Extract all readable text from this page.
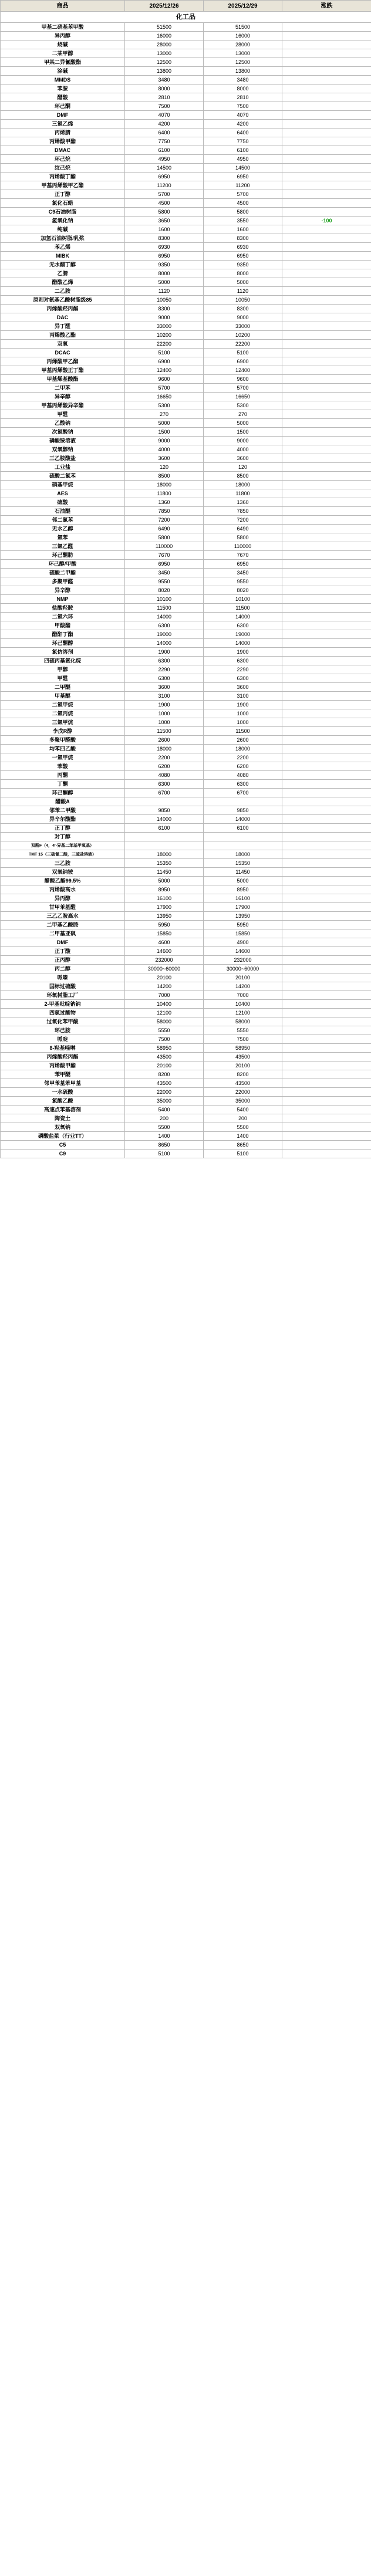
商品	2025/12/26	2025/12/29	涨跌
化工品			
甲基二硝基苯甲酸	51500	51500	
异丙醇	16000	16000	
烧碱	28000	28000	
二某甲醇	13000	13000	
甲某二异氰酸酯	12500	12500	
涂碱	13800	13800	
MMDS	3480	3480	
苯胺	8000	8000	
醋酸	2810	2810	
环己酮	7500	7500	
DMF	4070	4070	
三氯乙烯	4200	4200	
丙烯腈	6400	6400	
丙烯酸甲酯	7750	7750	
DMAC	6100	6100	
环己烷	4950	4950	
纹己烷	14500	14500	
丙烯酸丁酯	6950	6950	
甲基丙烯酸甲乙酯	11200	11200	
正丁醇	5700	5700	
氯化石蜡	4500	4500	
C9石油树脂	5800	5800	
氢氧化钠	3650	3550	-100
纯碱	1600	1600	
加氢石油树脂/乳浆	8300	8300	
苯乙烯	6930	6930	
MIBK	6950	6950	
无水醋丁醇	9350	9350	
乙腈	8000	8000	
醋酸乙烯	5000	5000	
二乙胺	1120	1120	
原则对氨基乙酸树脂级85	10050	10050	
丙烯酸羟丙酯	8300	8300	
DAC	9000	9000	
异丁醛	33000	33000	
丙烯酸乙酯	10200	10200	
双氧	22200	22200	
DCAC	5100	5100	
丙烯酸甲乙酯	6900	6900	
甲基丙烯酸正丁酯	12400	12400	
甲基烯基酸酯	9600	9600	
二甲苯	5700	5700	
异辛醇	16650	16650	
甲基丙烯酸异辛酯	5300	5300	
甲醛	270	270	
乙酸钠	5000	5000	
次氯酸钠	1500	1500	
磷酸铵溶液	9000	9000	
双氧醇钠	4000	4000	
三乙胺酸盐	3600	3600	
工业盐	120	120	
硫酸二氯苯	8500	8500	
硝基甲烷	18000	18000	
AES	11800	11800	
硫酸	1360	1360	
石油醚	7850	7850	
邻二氯苯	7200	7200	
无水乙醇	6490	6490	
氯苯	5800	5800	
三氯乙醛	110000	110000	
环己酮肪	7670	7670	
环己醇/甲酸	6950	6950	
硫酸二甲酯	3450	3450	
多聚甲醛	9550	9550	
异辛醇	8020	8020	
NMP	10100	10100	
盐酸羟胺	11500	11500	
二氯六环	14000	14000	
甲酸酯	6300	6300	
醋酐丁酯	19000	19000	
环己酮醇	14000	14000	
氯仿溶剂	1900	1900	
四硫丙基氨化烷	6300	6300	
甲醇	2290	2290	
甲醛	6300	6300	
二甲醚	3600	3600	
甲基醚	3100	3100	
二氯甲烷	1900	1900	
二氯丙烷	1000	1000	
三氯甲烷	1000	1000	
李戊R醇	11500	11500	
多聚甲醛酸	2600	2600	
均苯四乙酸	18000	18000	
一氯甲烷	2200	2200	
苯酸	6200	6200	
丙酮	4080	4080	
丁酮	6300	6300	
环己酮醇	6700	6700	
醋酸A			
邻苯二甲酸	9850	9850	
异辛尔酸酯	14000	14000	
正丁醇	6100	6100	
对丁醇			
双酚F（4，4'-异基二苯基甲氧基）			
TMT 15（三硫氰二酸，三硫盐溶液）	18000	18000	
三乙胺	15350	15350	
双氧钠铵	11450	11450	
醋酸乙酯99.5%	5000	5000	
丙烯酸高水	8950	8950	
异丙醇	16100	16100	
甘甲苯基醛	17900	17900	
三乙乙胺高水	13950	13950	
二甲基乙酸胺	5950	5950	
二甲基亚砜	15850	15850	
DMF	4600	4900	
正丁酸	14600	14600	
正丙醇	232000	232000	
丙二醇	30000~60000	30000~60000	
哌嗪	20100	20100	
国标过硫酸	14200	14200	
环氧树脂工厂	7000	7000	
2-甲基吡啶钠钠	10400	10400	
四氢过酸物	12100	12100	
过氧化苯甲酸	58000	58000	
环己胺	5550	5550	
哌啶	7500	7500	
8-羟基喹啉	58950	58950	
丙烯酸羟丙酯	43500	43500	
丙烯酸甲酯	20100	20100	
苯甲醚	8200	8200	
邻甲苯基苯甲基	43500	43500	
一水硫酸	22000	22000	
氯酸乙酸	35000	35000	
高速点苯基溶剂	5400	5400	
陶瓷土	200	200	
双氧钠	5500	5500	
磷酸盐浆（行业TT）	1400	1400	
C5	8650	8650	
C9	5100	5100	
